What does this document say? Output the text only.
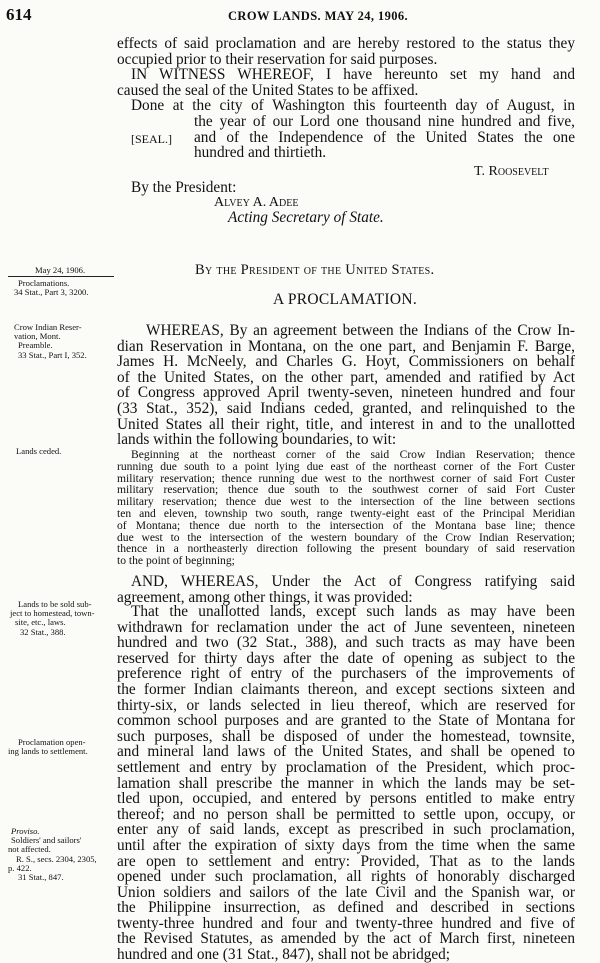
614	CROW LANDS. MAY 24, 1906.
effects of said proclamation and are hereby restored to the status they
occupied prior to their reservation for said purposes.
IN WITNESS WHEREOF, I have hereunto set my hand and
caused the seal of the United States to be affixed.
Done at the city of Washington this fourteenth day of August, in
the year of our Lord one thousand nine hundred and five,
and of the Independence of the United States the one
hundred and thirtieth.
[SEAL.]
T. Roosevelt
By the President:
Alvey A. Adee
Acting Secretary of State.
May 24, 1906.
Proclamations.
34 Stat., Part 3, 3200.
Crow Indian Reser-
vation, Mont.
Preamble.
33 Stat., Part I, 352.
Lands ceded.
Lands to be sold sub-
ject to homestead, town-
site, etc., laws.
32 Stat., 388.
Proclamation open-
ing lands to settlement.
Proviso.
Soldiers' and sailors'
not affected.
R. S., secs. 2304, 2305,
p. 422.
31 Stat., 847.
By the President of the United States.
A PROCLAMATION.
WHEREAS, By an agreement between the Indians of the Crow In-
dian Reservation in Montana, on the one part, and Benjamin F. Barge,
James H. McNeely, and Charles G. Hoyt, Commissioners on behalf
of the United States, on the other part, amended and ratified by Act
of Congress approved April twenty-seven, nineteen hundred and four
(33 Stat., 352), said Indians ceded, granted, and relinquished to the
United States all their right, title, and interest in and to the unallotted
lands within the following boundaries, to wit:
Beginning at the northeast corner of the said Crow Indian Reservation; thence
running due south to a point lying due east of the northeast corner of the Fort Custer
military reservation; thence running due west to the northwest corner of said Fort Custer
military reservation; thence due south to the southwest corner of said Fort Custer
military reservation; thence due west to the intersection of the line between sections
ten and eleven, township two south, range twenty-eight east of the Principal Meridian
of Montana; thence due north to the intersection of the Montana base line; thence
due west to the intersection of the western boundary of the Crow Indian Reservation;
thence in a northeasterly direction following the present boundary of said reservation
to the point of beginning;
AND, WHEREAS, Under the Act of Congress ratifying said
agreement, among other things, it was provided:
That the unallotted lands, except such lands as may have been
withdrawn for reclamation under the act of June seventeen, nineteen
hundred and two (32 Stat., 388), and such tracts as may have been
reserved for thirty days after the date of opening as subject to the
preference right of entry of the purchasers of the improvements of
the former Indian claimants thereon, and except sections sixteen and
thirty-six, or lands selected in lieu thereof, which are reserved for
common school purposes and are granted to the State of Montana for
such purposes, shall be disposed of under the homestead, townsite,
and mineral land laws of the United States, and shall be opened to
settlement and entry by proclamation of the President, which proc-
lamation shall prescribe the manner in which the lands may be set-
tled upon, occupied, and entered by persons entitled to make entry
thereof; and no person shall be permitted to settle upon, occupy, or
enter any of said lands, except as prescribed in such proclamation,
until after the expiration of sixty days from the time when the same
are open to settlement and entry: Provided, That as to the lands
opened under such proclamation, all rights of honorably discharged
Union soldiers and sailors of the late Civil and the Spanish war, or
the Philippine insurrection, as defined and described in sections
twenty-three hundred and four and twenty-three hundred and five of
the Revised Statutes, as amended by the act of March first, nineteen
hundred and one (31 Stat., 847), shall not be abridged;
